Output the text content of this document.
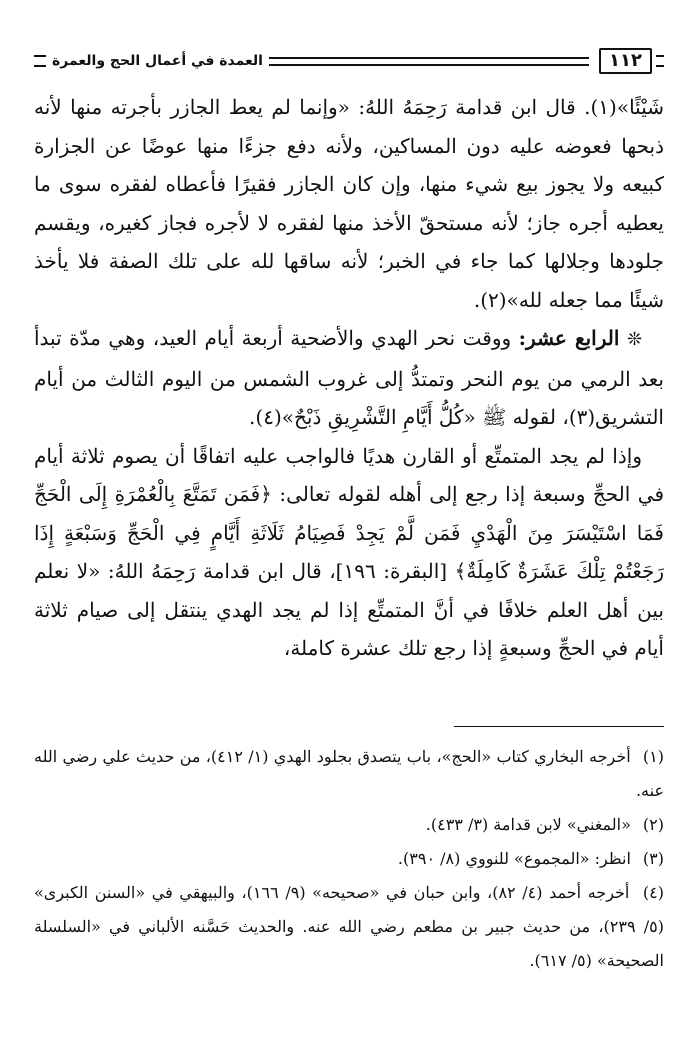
١١٢
العمدة في أعمال الحج والعمرة

شَيْئًا»(١). قال ابن قدامة رَحِمَهُ اللهُ: «وإنما لم يعط الجازر بأجرته منها لأنه ذبحها فعوضه عليه دون المساكين، ولأنه دفع جزءًا منها عوضًا عن الجزارة كبيعه ولا يجوز بيع شيء منها، وإن كان الجازر فقيرًا فأعطاه لفقره سوى ما يعطيه أجره جاز؛ لأنه مستحقّ الأخذ منها لفقره لا لأجره فجاز كغيره، ويقسم جلودها وجلالها كما جاء في الخبر؛ لأنه ساقها لله على تلك الصفة فلا يأخذ شيئًا مما جعله لله»(٢).

❊ الرابع عشر: ووقت نحر الهدي والأضحية أربعة أيام العيد، وهي مدّة تبدأ بعد الرمي من يوم النحر وتمتدُّ إلى غروب الشمس من اليوم الثالث من أيام التشريق(٣)، لقوله ﷺ «كُلُّ أَيَّامِ التَّشْرِيقِ ذَبْحٌ»(٤).

وإذا لم يجد المتمتِّع أو القارن هديًا فالواجب عليه اتفاقًا أن يصوم ثلاثة أيام في الحجِّ وسبعة إذا رجع إلى أهله لقوله تعالى: ﴿فَمَن تَمَتَّعَ بِالْعُمْرَةِ إِلَى الْحَجِّ فَمَا اسْتَيْسَرَ مِنَ الْهَدْيِ فَمَن لَّمْ يَجِدْ فَصِيَامُ ثَلَاثَةِ أَيَّامٍ فِي الْحَجِّ وَسَبْعَةٍ إِذَا رَجَعْتُمْ تِلْكَ عَشَرَةٌ كَامِلَةٌ﴾ [البقرة: ١٩٦]، قال ابن قدامة رَحِمَهُ اللهُ: «لا نعلم بين أهل العلم خلافًا في أنَّ المتمتِّع إذا لم يجد الهدي ينتقل إلى صيام ثلاثة أيام في الحجِّ وسبعةٍ إذا رجع تلك عشرة كاملة،

(١) أخرجه البخاري كتاب «الحج»، باب يتصدق بجلود الهدي (١/ ٤١٢)، من حديث علي رضي الله عنه.

(٢) «المغني» لابن قدامة (٣/ ٤٣٣).

(٣) انظر: «المجموع» للنووي (٨/ ٣٩٠).

(٤) أخرجه أحمد (٤/ ٨٢)، وابن حبان في «صحيحه» (٩/ ١٦٦)، والبيهقي في «السنن الكبرى» (٥/ ٢٣٩)، من حديث جبير بن مطعم رضي الله عنه. والحديث حَسَّنه الألباني في «السلسلة الصحيحة» (٥/ ٦١٧).
